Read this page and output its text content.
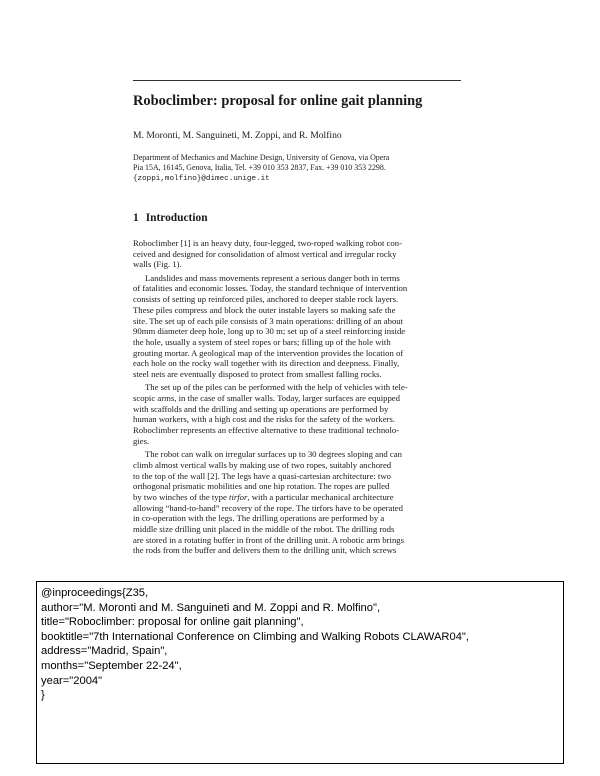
Roboclimber: proposal for online gait planning
M. Moronti, M. Sanguineti, M. Zoppi, and R. Molfino
Department of Mechanics and Machine Design, University of Genova, via Opera
Pia 15A, 16145, Genova, Italia, Tel. +39 010 353 2837, Fax. +39 010 353 2298.
{zoppi,molfino}@dimec.unige.it
1 Introduction

Roboclimber [1] is an heavy duty, four-legged, two-roped walking robot con-
ceived and designed for consolidation of almost vertical and irregular rocky
walls (Fig. 1).

Landslides and mass movements represent a serious danger both in terms
of fatalities and economic losses. Today, the standard technique of intervention
consists of setting up reinforced piles, anchored to deeper stable rock layers.
These piles compress and block the outer instable layers so making safe the
site. The set up of each pile consists of 3 main operations: drilling of an about
90mm diameter deep hole, long up to 30 m; set up of a steel reinforcing inside
the hole, usually a system of steel ropes or bars; filling up of the hole with
grouting mortar. A geological map of the intervention provides the location of
each hole on the rocky wall together with its direction and deepness. Finally,
steel nets are eventually disposed to protect from smallest falling rocks.

The set up of the piles can be performed with the help of vehicles with tele-
scopic arms, in the case of smaller walls. Today, larger surfaces are equipped
with scaffolds and the drilling and setting up operations are performed by
human workers, with a high cost and the risks for the safety of the workers.
Roboclimber represents an effective alternative to these traditional technolo-
gies.

The robot can walk on irregular surfaces up to 30 degrees sloping and can
climb almost vertical walls by making use of two ropes, suitably anchored
to the top of the wall [2]. The legs have a quasi-cartesian architecture: two
orthogonal prismatic mobilities and one hip rotation. The ropes are pulled
by two winches of the type tirfor, with a particular mechanical architecture
allowing “hand-to-hand” recovery of the rope. The tirfors have to be operated
in co-operation with the legs. The drilling operations are performed by a
middle size drilling unit placed in the middle of the robot. The drilling rods
are stored in a rotating buffer in front of the drilling unit. A robotic arm brings
the rods from the buffer and delivers them to the drilling unit, which screws

@inproceedings{Z35,
author="M. Moronti and M. Sanguineti and M. Zoppi and R. Molfino",
title="Roboclimber: proposal for online gait planning",
booktitle="7th International Conference on Climbing and Walking Robots CLAWAR04",
address="Madrid, Spain",
months="September 22-24",
year="2004"
}
